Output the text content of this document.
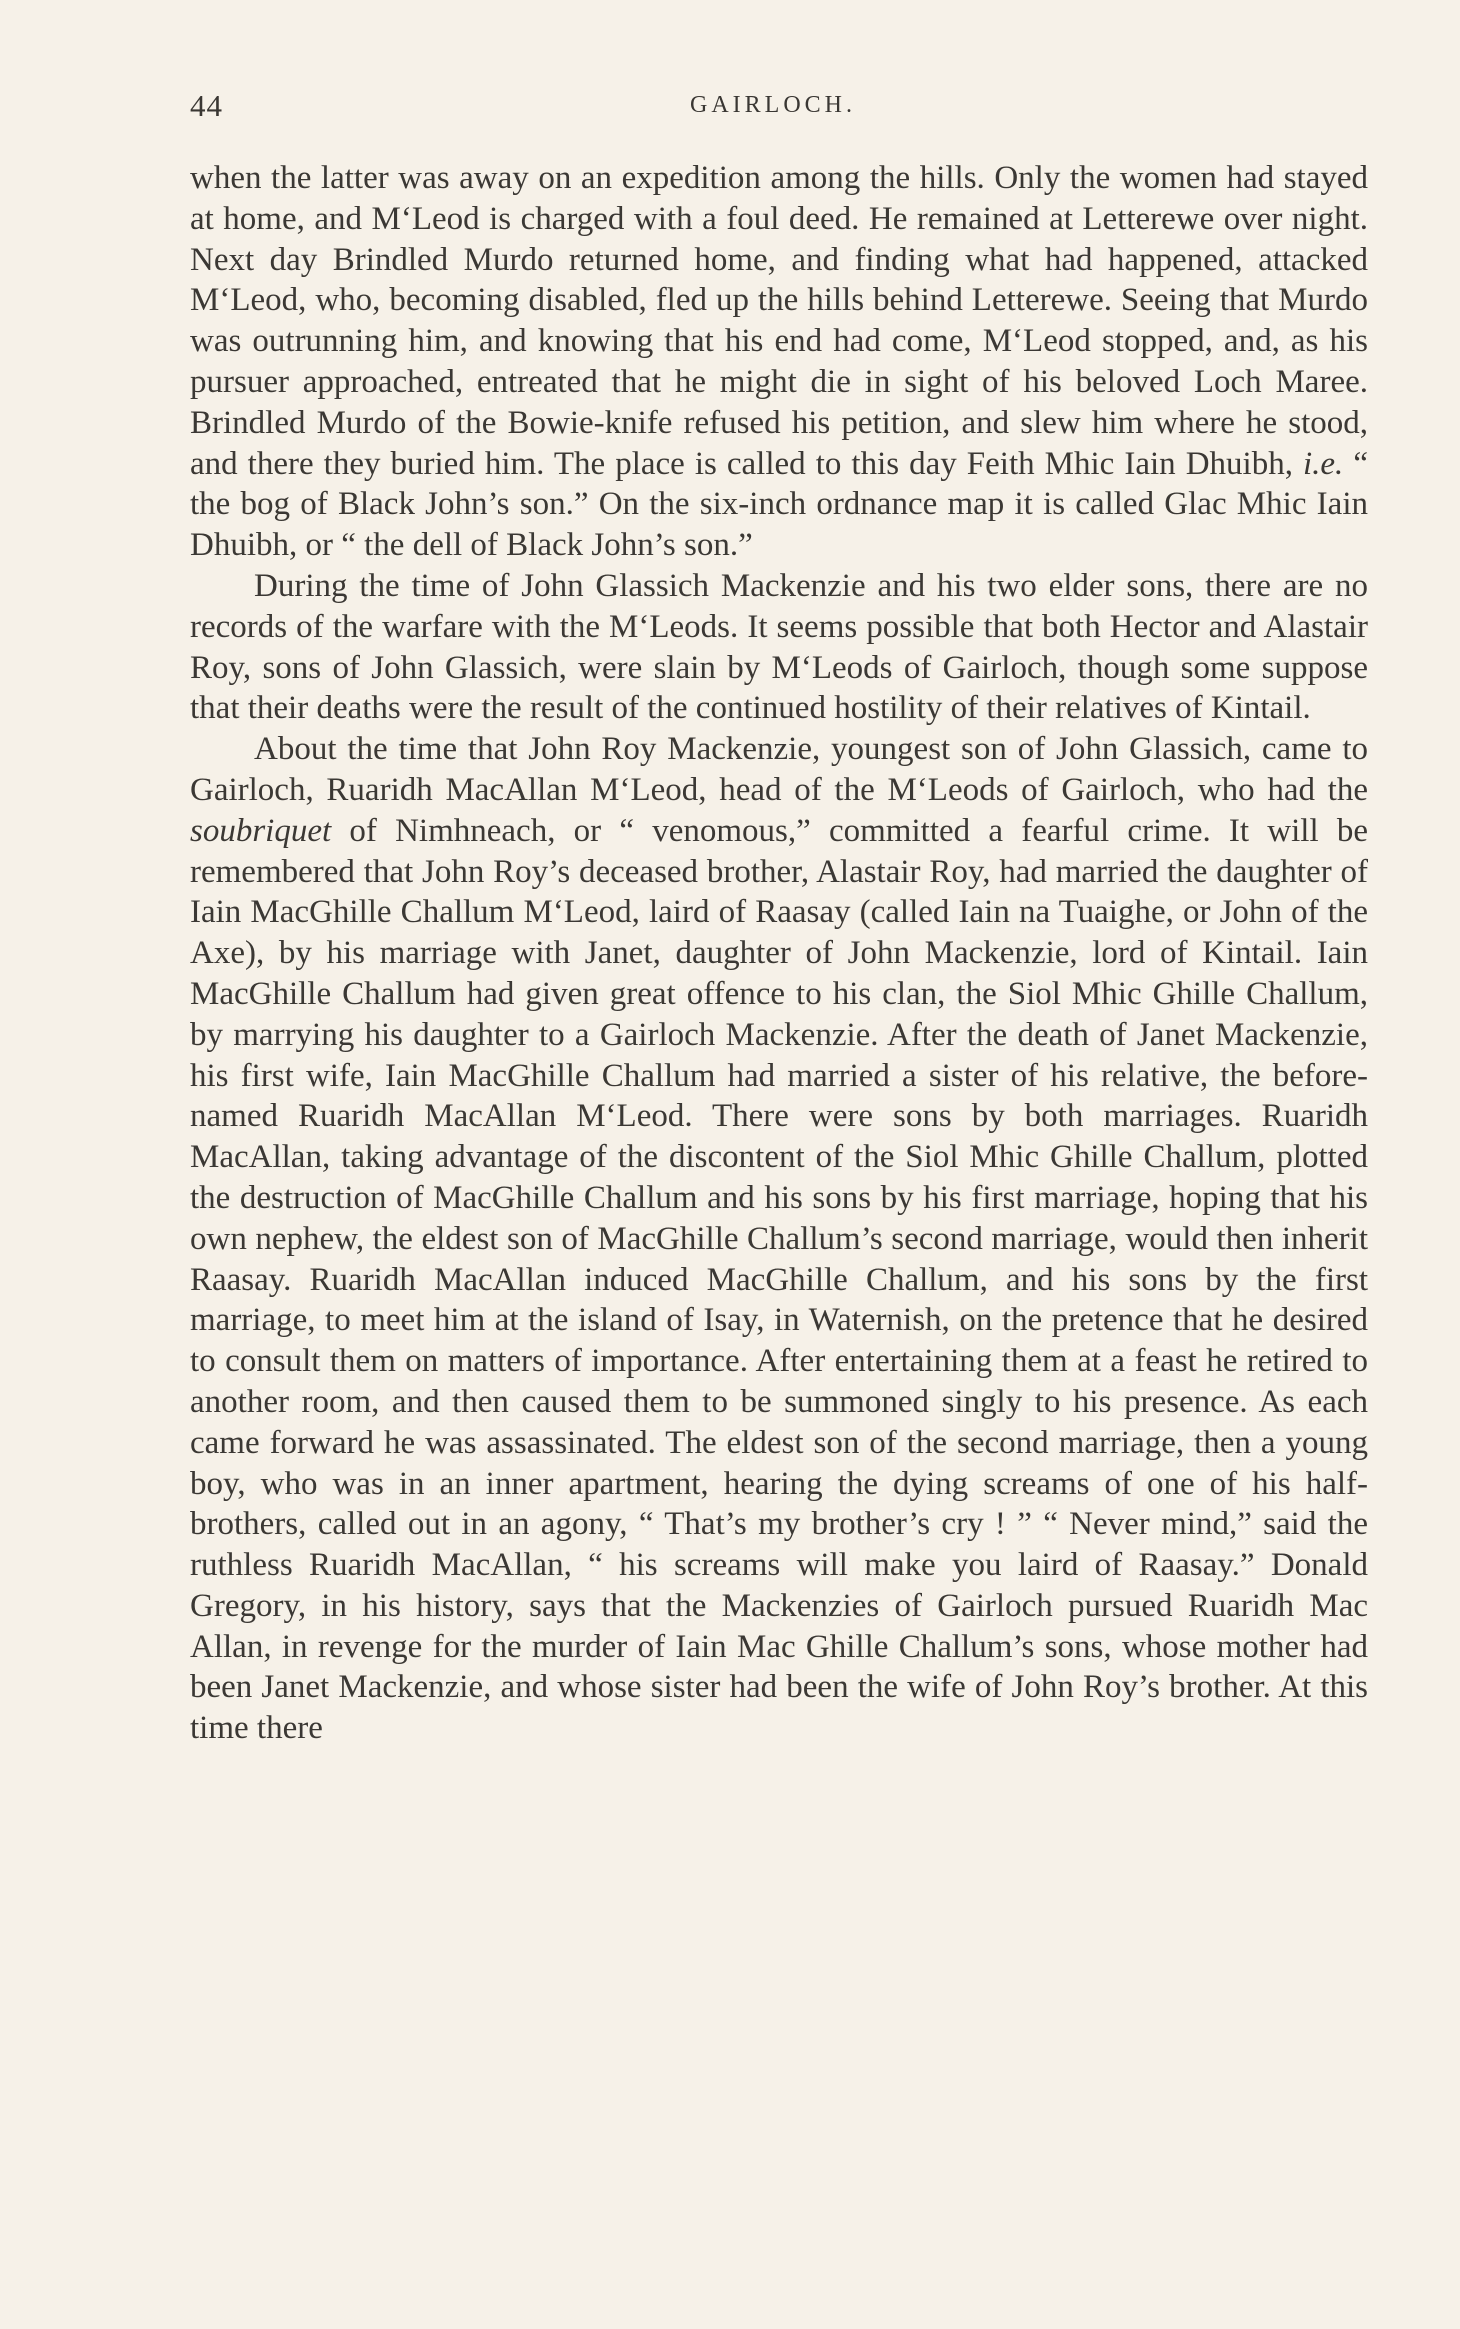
44	GAIRLOCH.

when the latter was away on an expedition among the hills. Only the women had stayed at home, and M‘Leod is charged with a foul deed. He remained at Letterewe over night. Next day Brindled Murdo returned home, and finding what had happened, attacked M‘Leod, who, becoming disabled, fled up the hills behind Letterewe. Seeing that Murdo was outrunning him, and knowing that his end had come, M‘Leod stopped, and, as his pursuer approached, entreated that he might die in sight of his beloved Loch Maree. Brindled Murdo of the Bowie-knife refused his petition, and slew him where he stood, and there they buried him. The place is called to this day Feith Mhic Iain Dhuibh, i.e. “ the bog of Black John’s son.” On the six-inch ordnance map it is called Glac Mhic Iain Dhuibh, or “ the dell of Black John’s son.”

During the time of John Glassich Mackenzie and his two elder sons, there are no records of the warfare with the M‘Leods. It seems possible that both Hector and Alastair Roy, sons of John Glassich, were slain by M‘Leods of Gairloch, though some suppose that their deaths were the result of the continued hostility of their relatives of Kintail.

About the time that John Roy Mackenzie, youngest son of John Glassich, came to Gairloch, Ruaridh MacAllan M‘Leod, head of the M‘Leods of Gairloch, who had the soubriquet of Nimhneach, or “ venomous,” committed a fearful crime. It will be remembered that John Roy’s deceased brother, Alastair Roy, had married the daughter of Iain MacGhille Challum M‘Leod, laird of Raasay (called Iain na Tuaighe, or John of the Axe), by his marriage with Janet, daughter of John Mackenzie, lord of Kintail. Iain MacGhille Challum had given great offence to his clan, the Siol Mhic Ghille Challum, by marrying his daughter to a Gairloch Mackenzie. After the death of Janet Mackenzie, his first wife, Iain MacGhille Challum had married a sister of his relative, the before-named Ruaridh MacAllan M‘Leod. There were sons by both marriages. Ruaridh MacAllan, taking advantage of the discontent of the Siol Mhic Ghille Challum, plotted the destruction of MacGhille Challum and his sons by his first marriage, hoping that his own nephew, the eldest son of MacGhille Challum’s second marriage, would then inherit Raasay. Ruaridh MacAllan induced MacGhille Challum, and his sons by the first marriage, to meet him at the island of Isay, in Waternish, on the pretence that he desired to consult them on matters of importance. After entertaining them at a feast he retired to another room, and then caused them to be summoned singly to his presence. As each came forward he was assassinated. The eldest son of the second marriage, then a young boy, who was in an inner apartment, hearing the dying screams of one of his half-brothers, called out in an agony, “ That’s my brother’s cry ! ” “ Never mind,” said the ruthless Ruaridh MacAllan, “ his screams will make you laird of Raasay.” Donald Gregory, in his history, says that the Mackenzies of Gairloch pursued Ruaridh Mac Allan, in revenge for the murder of Iain Mac Ghille Challum’s sons, whose mother had been Janet Mackenzie, and whose sister had been the wife of John Roy’s brother. At this time there
